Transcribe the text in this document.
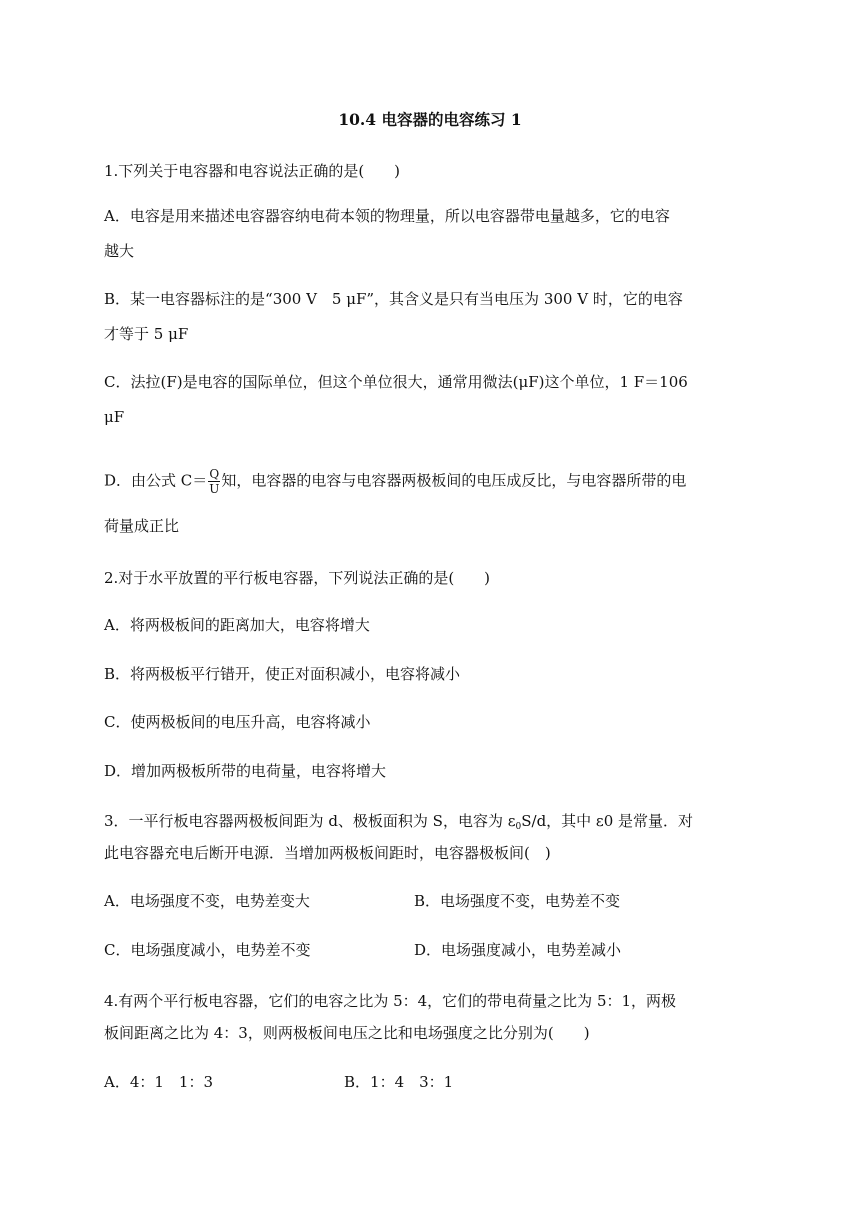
10.4 电容器的电容练习 1
1.下列关于电容器和电容说法正确的是(　　)
A．电容是用来描述电容器容纳电荷本领的物理量，所以电容器带电量越多，它的电容
越大
B．某一电容器标注的是“300 V　5 μF”，其含义是只有当电压为 300 V 时，它的电容
才等于 5 μF
C．法拉(F)是电容的国际单位，但这个单位很大，通常用微法(μF)这个单位，1 F＝106
μF
D．由公式 $C= \frac{Q}{U}$ 知，电容器的电容与电容器两极板间的电压成反比，与电容器所带的电
荷量成正比
2.对于水平放置的平行板电容器，下列说法正确的是(　　)
A．将两极板间的距离加大，电容将增大
B．将两极板平行错开，使正对面积减小，电容将减小
C．使两极板间的电压升高，电容将减小
D．增加两极板所带的电荷量，电容将增大
3．一平行板电容器两极板间距为 d、极板面积为 S，电容为 $\varepsilon_0S/d$，其中 ε0 是常量．对
此电容器充电后断开电源．当增加两极板间距时，电容器极板间(　)
A．电场强度不变，电势差变大	B．电场强度不变，电势差不变
C．电场强度减小，电势差不变	D．电场强度减小，电势差减小
4.有两个平行板电容器，它们的电容之比为 5：4，它们的带电荷量之比为 5：1，两极
板间距离之比为 4：3，则两极板间电压之比和电场强度之比分别为(　　)
A．4：1　1：3	B．1：4　3：1
